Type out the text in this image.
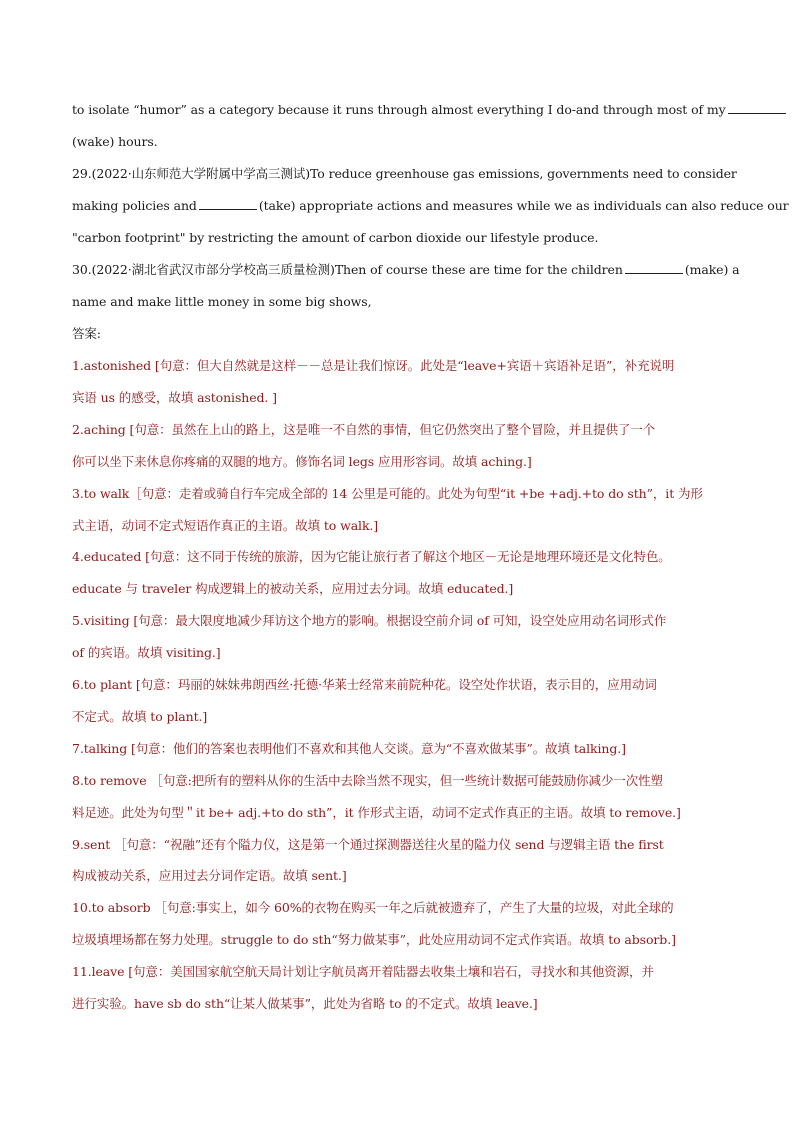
to isolate “humor” as a category because it runs through almost everything I do-and through most of my
(wake) hours.
29.(2022·山东师范大学附属中学高三测试)To reduce greenhouse gas emissions, governments need to consider
making policies and	(take) appropriate actions and measures while we as individuals can also reduce our
"carbon footprint" by restricting the amount of carbon dioxide our lifestyle produce.
30.(2022·湖北省武汉市部分学校高三质量检测)Then of course these are time for the children	(make) a
name and make little money in some big shows,
答案:
1.astonished [句意：但大自然就是这样－－总是让我们惊讶。此处是“leave+宾语＋宾语补足语”，补充说明
宾语 us 的感受，故填 astonished. ]
2.aching [句意：虽然在上山的路上，这是唯一不自然的事情，但它仍然突出了整个冒险，并且提供了一个
你可以坐下来休息你疼痛的双腿的地方。修饰名词 legs 应用形容词。故填 aching.]
3.to walk［句意：走着或骑自行车完成全部的 14 公里是可能的。此处为句型“it +be +adj.+to do sth”，it 为形
式主语，动词不定式短语作真正的主语。故填 to walk.]
4.educated [句意：这不同于传统的旅游，因为它能让旅行者了解这个地区－无论是地理环境还是文化特色。
educate 与 traveler 构成逻辑上的被动关系，应用过去分词。故填 educated.]
5.visiting [句意：最大限度地减少拜访这个地方的影响。根据设空前介词 of 可知，设空处应用动名词形式作
of 的宾语。故填 visiting.]
6.to plant [句意：玛丽的妹妹弗朗西丝·托德·华莱士经常来前院种花。设空处作状语，表示目的，应用动词
不定式。故填 to plant.]
7.talking [句意：他们的答案也表明他们不喜欢和其他人交谈。意为“不喜欢做某事”。故填 talking.]
8.to remove ［句意:把所有的塑料从你的生活中去除当然不现实，但一些统计数据可能鼓励你减少一次性塑
料足迹。此处为句型＂it be+ adj.+to do sth”，it 作形式主语，动词不定式作真正的主语。故填 to remove.]
9.sent ［句意：“祝融”还有个隘力仪，这是第一个通过探测器送往火星的隘力仪 send 与逻辑主语 the first
构成被动关系，应用过去分词作定语。故填 sent.]
10.to absorb ［句意:事实上，如今 60%的衣物在购买一年之后就被遗弃了，产生了大量的垃圾，对此全球的
垃圾填埋场都在努力处理。struggle to do sth“努力做某事”，此处应用动词不定式作宾语。故填 to absorb.]
11.leave [句意：美国国家航空航天局计划让字航员离开着陆器去收集土壤和岩石，寻找水和其他资源，并
进行实验。have sb do sth“让某人做某事”，此处为省略 to 的不定式。故填 leave.]
